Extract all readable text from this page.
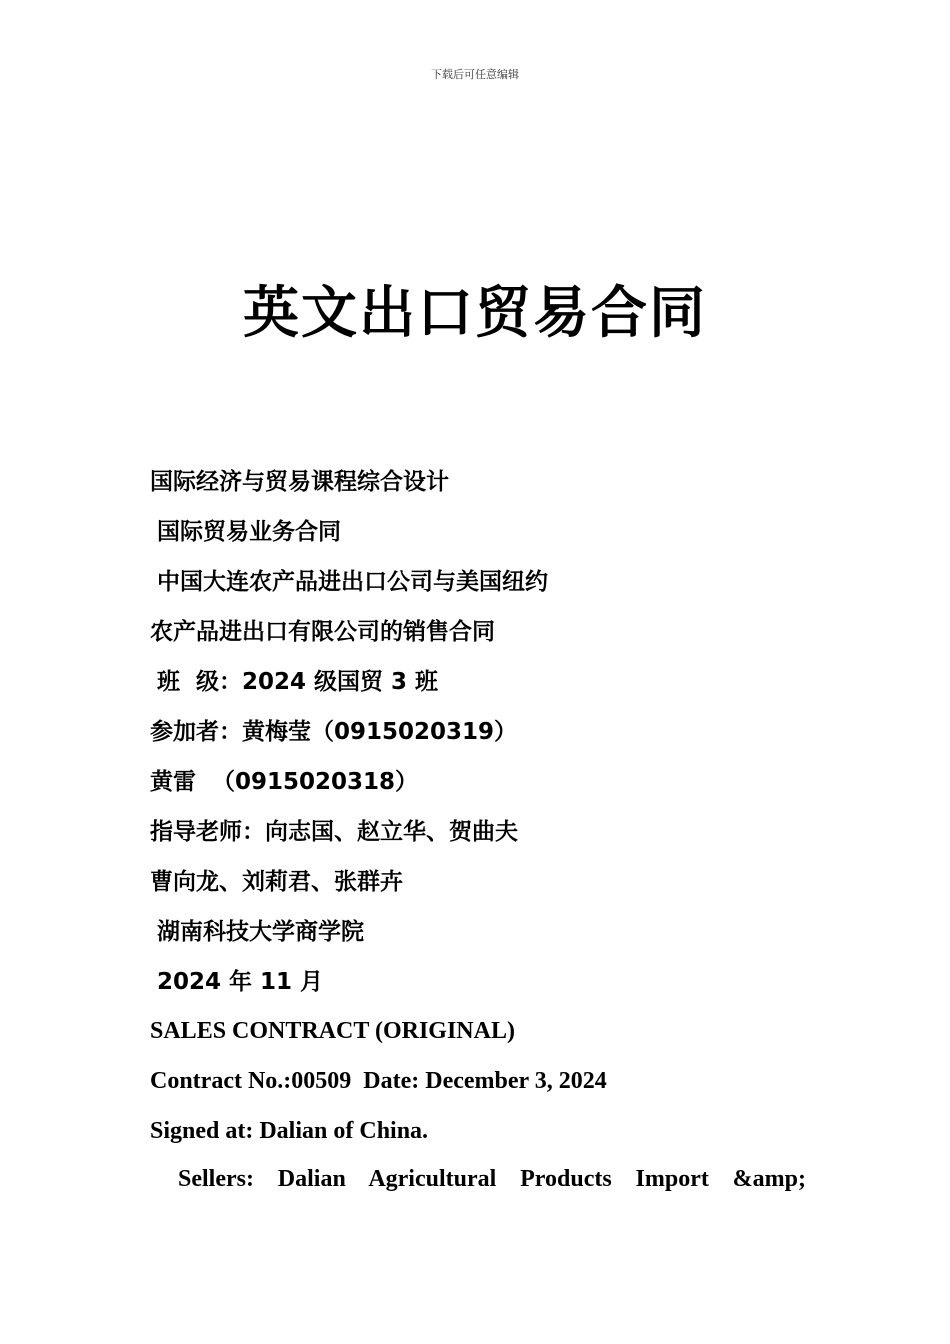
下载后可任意编辑
英文出口贸易合同
国际经济与贸易课程综合设计
国际贸易业务合同
中国大连农产品进出口公司与美国纽约
农产品进出口有限公司的销售合同
班  级：2024 级国贸 3 班
参加者：黄梅莹（0915020319）
黄雷  （0915020318）
指导老师：向志国、赵立华、贺曲夫
曹向龙、刘莉君、张群卉
湖南科技大学商学院
2024 年 11 月
SALES CONTRACT (ORIGINAL)
Contract No.:00509  Date: December 3, 2024
Signed at: Dalian of China.
Sellers: Dalian Agricultural Products Import &amp;
